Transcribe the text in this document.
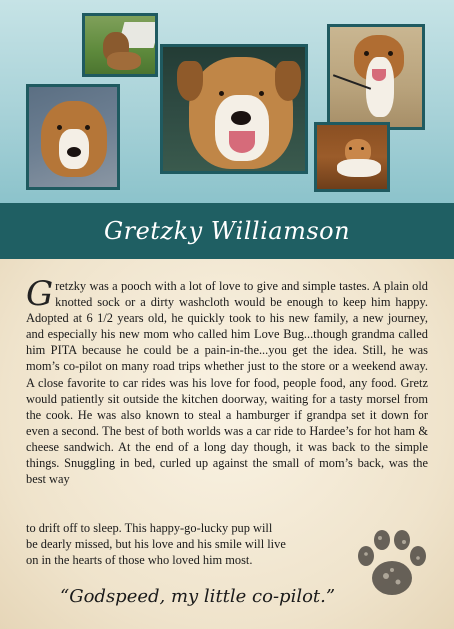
Gretzky Williamson

Gretzky was a pooch with a lot of love to give and simple tastes. A plain old knotted sock or a dirty washcloth would be enough to keep him happy. Adopted at 6 1/2 years old, he quickly took to his new family, a new journey, and especially his new mom who called him Love Bug...though grandma called him PITA because he could be a pain-in-the...you get the idea. Still, he was mom’s co-pilot on many road trips whether just to the store or a weekend away. A close favorite to car rides was his love for food, people food, any food. Gretz would patiently sit outside the kitchen doorway, waiting for a tasty morsel from the cook. He was also known to steal a hamburger if grandpa set it down for even a second. The best of both worlds was a car ride to Hardee’s for hot ham & cheese sandwich. At the end of a long day though, it was back to the simple things. Snuggling in bed, curled up against the small of mom’s back, was the best way

to drift off to sleep. This happy-go-lucky pup will
be dearly missed, but his love and his smile will live
on in the hearts of those who loved him most.
“Godspeed, my little co-pilot.”
